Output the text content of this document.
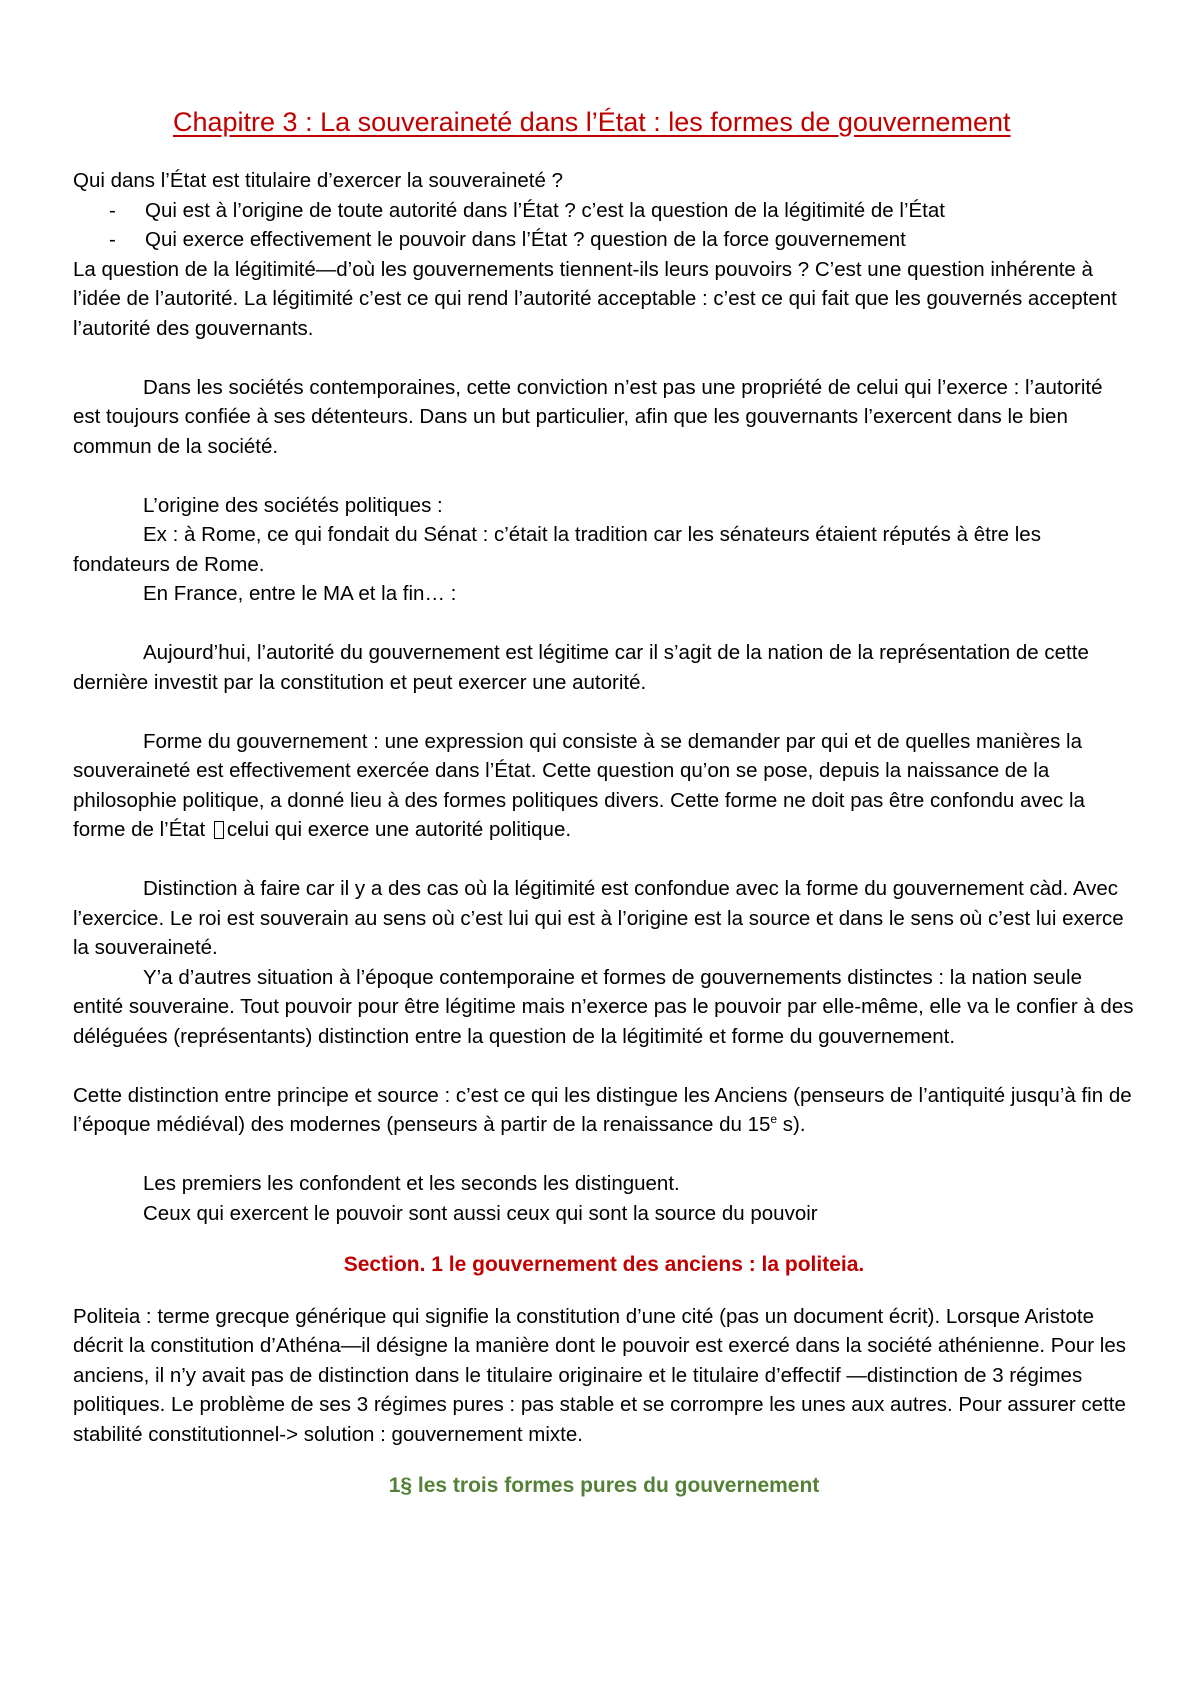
Chapitre 3 : La souveraineté dans l’État : les formes de gouvernement

Qui dans l’État est titulaire d’exercer la souveraineté ?

- Qui est à l’origine de toute autorité dans l’État ? c’est la question de la légitimité de l’État
- Qui exerce effectivement le pouvoir dans l’État ? question de la force gouvernement

La question de la légitimité—d’où les gouvernements tiennent-ils leurs pouvoirs ? C’est une question inhérente à l’idée de l’autorité. La légitimité c’est ce qui rend l’autorité acceptable : c’est ce qui fait que les gouvernés acceptent l’autorité des gouvernants.

Dans les sociétés contemporaines, cette conviction n’est pas une propriété de celui qui l’exerce : l’autorité est toujours confiée à ses détenteurs. Dans un but particulier, afin que les gouvernants l’exercent dans le bien commun de la société.

L’origine des sociétés politiques :

Ex : à Rome, ce qui fondait du Sénat : c’était la tradition car les sénateurs étaient réputés à être les fondateurs de Rome.

En France, entre le MA et la fin… :

Aujourd’hui, l’autorité du gouvernement est légitime car il s’agit de la nation de la représentation de cette dernière investit par la constitution et peut exercer une autorité.

Forme du gouvernement : une expression qui consiste à se demander par qui et de quelles manières la souveraineté est effectivement exercée dans l’État. Cette question qu’on se pose, depuis la naissance de la philosophie politique, a donné lieu à des formes politiques divers. Cette forme ne doit pas être confondu avec la forme de l’État celui qui exerce une autorité politique.

Distinction à faire car il y a des cas où la légitimité est confondue avec la forme du gouvernement càd. Avec l’exercice. Le roi est souverain au sens où c’est lui qui est à l’origine est la source et dans le sens où c’est lui exerce la souveraineté.

Y’a d’autres situation à l’époque contemporaine et formes de gouvernements distinctes : la nation seule entité souveraine. Tout pouvoir pour être légitime mais n’exerce pas le pouvoir par elle-même, elle va le confier à des déléguées (représentants) distinction entre la question de la légitimité et forme du gouvernement.

Cette distinction entre principe et source : c’est ce qui les distingue les Anciens (penseurs de l’antiquité jusqu’à fin de l’époque médiéval) des modernes (penseurs à partir de la renaissance du 15e s).

Les premiers les confondent et les seconds les distinguent.

Ceux qui exercent le pouvoir sont aussi ceux qui sont la source du pouvoir

Section. 1 le gouvernement des anciens : la politeia.

Politeia : terme grecque générique qui signifie la constitution d’une cité (pas un document écrit). Lorsque Aristote décrit la constitution d’Athéna—il désigne la manière dont le pouvoir est exercé dans la société athénienne. Pour les anciens, il n’y avait pas de distinction dans le titulaire originaire et le titulaire d’effectif —distinction de 3 régimes politiques. Le problème de ses 3 régimes pures : pas stable et se corrompre les unes aux autres. Pour assurer cette stabilité constitutionnel-> solution : gouvernement mixte.

1§ les trois formes pures du gouvernement
